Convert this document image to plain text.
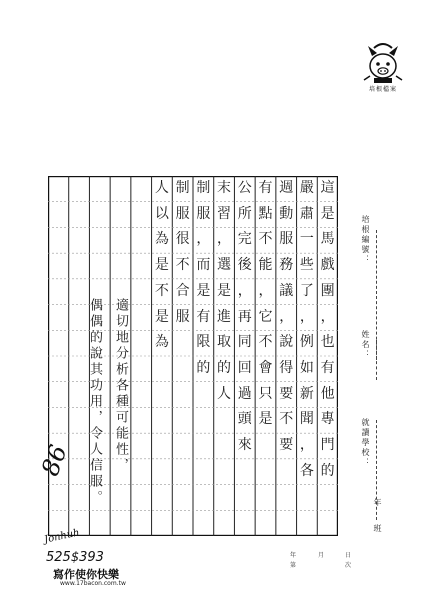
培根檔案
這
是
馬
戲
團
，
也
有
他
專
門
的
嚴
肅
一
些
了
，
例
如
新
聞
，
各
週
動
服
務
議
，
說
得
要
不
要
有
點
不
能
，
它
不
會
只
是
公
所
完
後
，
再
同
回
過
頭
來
末
習
，
選
是
進
取
的
人
制
服
，
而
是
有
限
的
制
服
很
不
合
服
人
以
為
是
不
是
為
偶偶的說其功用，令人信服。 適切地分析各種可能性，
培根編號：
姓名：
就讀學校：
年
班
年	月	日
第	次
86
Jonhuh
525$393
寫作使你快樂
www.17bacon.com.tw
